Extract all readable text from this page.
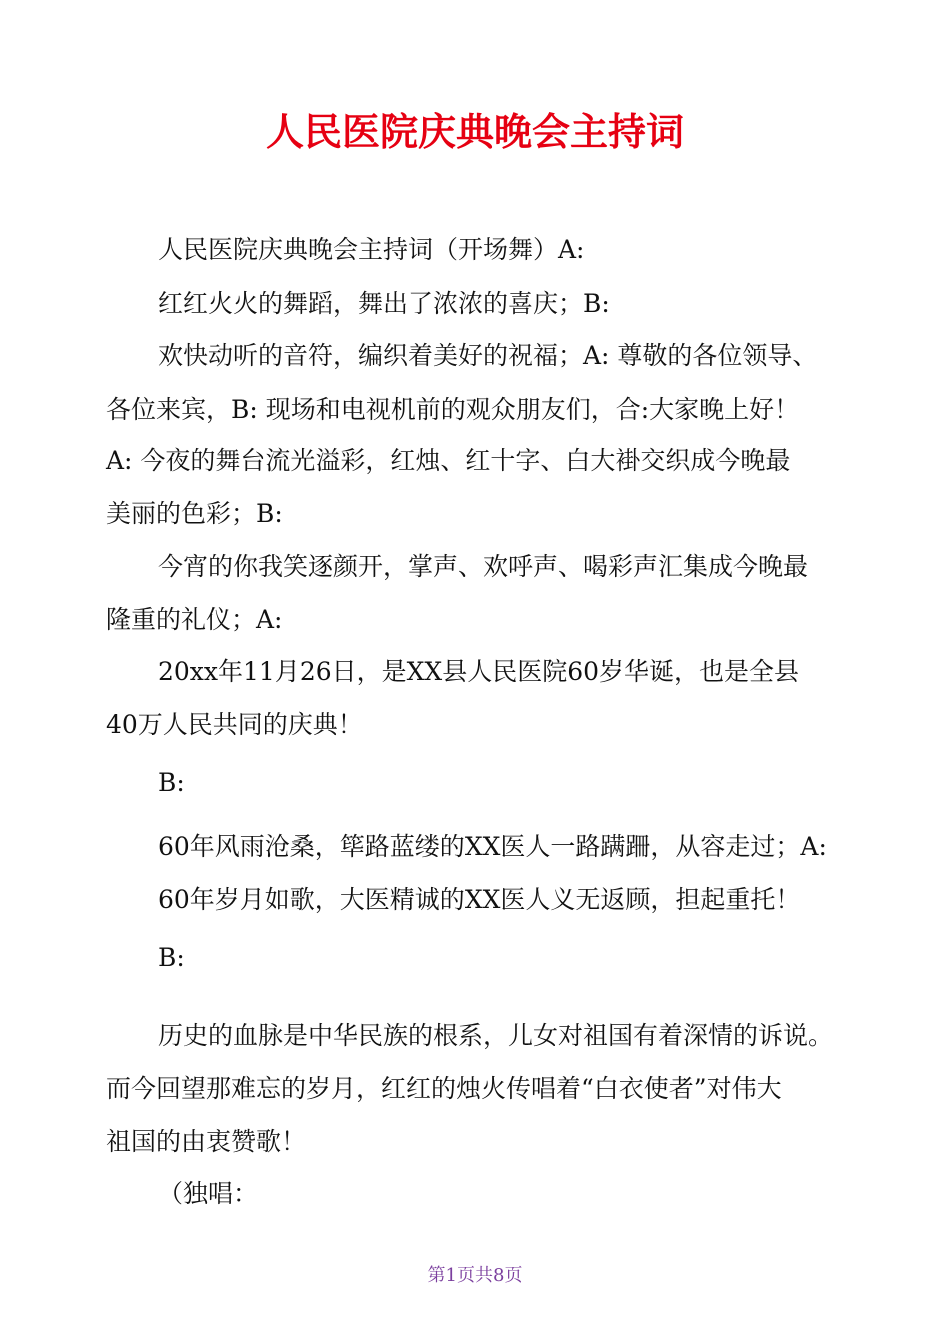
人民医院庆典晚会主持词

人民医院庆典晚会主持词（开场舞）A:

红红火火的舞蹈，舞出了浓浓的喜庆；B:

欢快动听的音符，编织着美好的祝福；A: 尊敬的各位领导、

各位来宾，B: 现场和电视机前的观众朋友们，合:大家晚上好！

A: 今夜的舞台流光溢彩，红烛、红十字、白大褂交织成今晚最

美丽的色彩；B:

今宵的你我笑逐颜开，掌声、欢呼声、喝彩声汇集成今晚最

隆重的礼仪；A:

20xx年11月26日，是XX县人民医院60岁华诞，也是全县

40万人民共同的庆典！

B:

60年风雨沧桑，筚路蓝缕的XX医人一路蹒跚，从容走过；A:

60年岁月如歌，大医精诚的XX医人义无返顾，担起重托！

B:

历史的血脉是中华民族的根系，儿女对祖国有着深情的诉说。

而今回望那难忘的岁月，红红的烛火传唱着“白衣使者”对伟大

祖国的由衷赞歌！

（独唱：

第1页共8页
